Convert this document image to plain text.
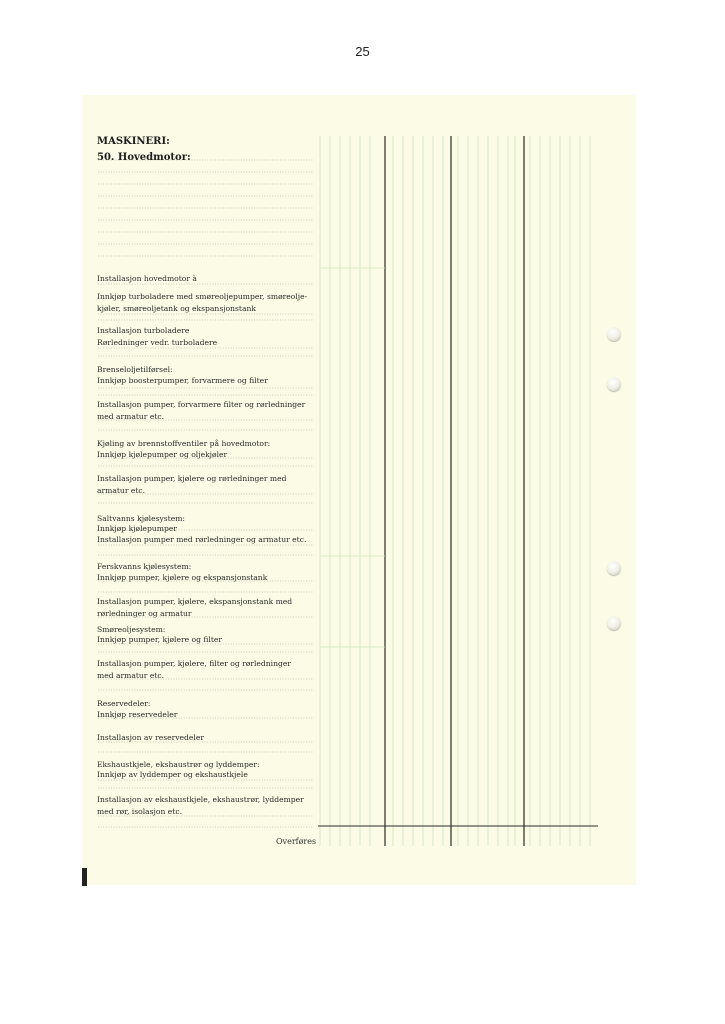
25
MASKINERI:
50. Hovedmotor:
Installasjon hovedmotor à
Innkjøp turboladere med smøreoljepumper, smøreolje-
kjøler, smøreoljetank og ekspansjonstank
Installasjon turboladere
Rørledninger vedr. turboladere
Brenseloljetilførsel:
Innkjøp boosterpumper, forvarmere og filter
Installasjon pumper, forvarmere filter og rørledninger
med armatur etc.
Kjøling av brennstoffventiler på hovedmotor:
Innkjøp kjølepumper og oljekjøler
Installasjon pumper, kjølere og rørledninger med
armatur etc.
Saltvanns kjølesystem:
Innkjøp kjølepumper
Installasjon pumper med rørledninger og armatur etc.
Ferskvanns kjølesystem:
Innkjøp pumper, kjølere og ekspansjonstank
Installasjon pumper, kjølere, ekspansjonstank med
rørledninger og armatur
Smøreoljesystem:
Innkjøp pumper, kjølere og filter
Installasjon pumper, kjølere, filter og rørledninger
med armatur etc.
Reservedeler:
Innkjøp reservedeler
Installasjon av reservedeler
Ekshaustkjele, ekshaustrør og lyddemper:
Innkjøp av lyddemper og ekshaustkjele
Installasjon av ekshaustkjele, ekshaustrør, lyddemper
med rør, isolasjon etc.
Overføres
